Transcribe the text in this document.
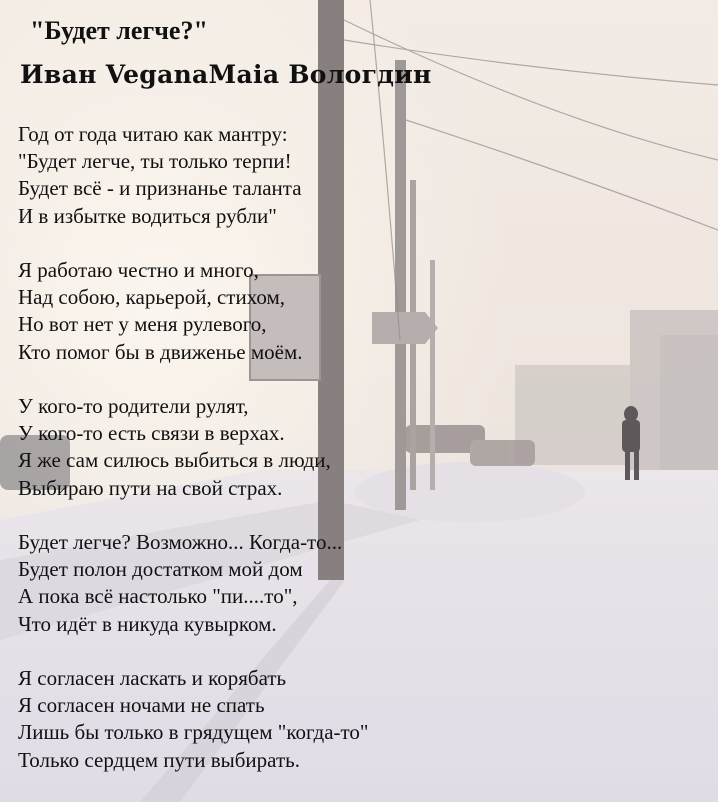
"Будет легче?"
Иван VeganaMaia Вологдин
Год от года читаю как мантру:
"Будет легче, ты только терпи!
Будет всё - и признанье таланта
И в избытке водиться рубли"
Я работаю честно и много,
Над собою, карьерой, стихом,
Но вот нет у меня рулевого,
Кто помог бы в движенье моём.
У кого-то родители рулят,
У кого-то есть связи в верхах.
Я же сам силюсь выбиться в люди,
Выбираю пути на свой страх.
Будет легче? Возможно... Когда-то...
Будет полон достатком мой дом
А пока всё настолько "пи....то",
Что идёт в никуда кувырком.
Я согласен ласкать и корябать
Я согласен ночами не спать
Лишь бы только в грядущем "когда-то"
Только сердцем пути выбирать.
